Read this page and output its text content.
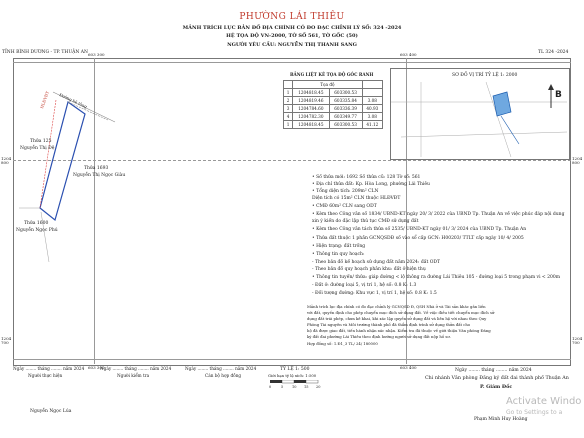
PHƯỜNG LÁI THIÊU
MẢNH TRÍCH LỤC BẢN ĐỒ ĐỊA CHÍNH CÓ ĐO ĐẠC CHỈNH LÝ SỐ: 324 -2024
HỆ TỌA ĐỘ VN-2000, TỜ SỐ 561, TỜ GỐC (50)
NGƯỜI YÊU CẦU: NGUYỄN THỊ THANH SANG
TỈNH BÌNH DƯƠNG - TP. THUẬN AN	TL 324 -2024
603 300	603 400
603 300	603 400
1204 800
1204 800
1204 700
1204 700
Đường bê tông
HLĐVĐT
Thửa 125
Nguyễn Thị Đệ
Thửa 1693
Nguyễn Thị Ngọc Giàu
Thửa 1600
Nguyễn Ngọc Phú
BẢNG LIỆT KÊ TỌA ĐỘ GÓC RANH
	Tọa độ		
1	1204818.45	603300.53	
2	1204819.46	603335.84	3.08
3	1204784.60	603336.39	40.93
4	1204782.30	603349.77	3.08
1	1204818.45	603300.53	41.12
SƠ ĐỒ VỊ TRÍ TỶ LỆ 1: 2000
B
• Số thửa mới: 1692 Số thửa cũ: 128 Tờ số: 561
• Địa chỉ thửa đất: Kp. Hòa Long, phường Lái Thiêu
• Tổng diện tích: 209m² CLN
Diện tích có 15m² CLN thuộc HLĐVĐT
• CMĐ 60m² CLN sang ODT
• Kèm theo Công văn số 1834/ UBND-KT ngày 20/ 3/ 2022 của UBND Tp. Thuận An về việc phúc đáp nội dung
xin ý kiến do đặc lập thủ tục CMĐ sử dụng đất
• Kèm theo Công văn tách thửa số 2535/ UBND-KT ngày 01/ 3/ 2024 của UBND Tp. Thuận An
• Thửa đất thuộc 1 phần GCNQSDĐ số vào sổ cấp GCN: H00203/ TTLT cấp ngày 10/ 4/ 2005
• Hiện trạng: đất trống
• Thông tin quy hoạch:
- Theo bản đồ kế hoạch sử dụng đất năm 2024: đất ODT
- Theo bản đồ quy hoạch phân khu: đất ở hiện thụ
• Thông tin tuyến/ thửa: giáp đường < lộ thông ra đường Lái Thiêu 105 - đường loại 5 trong phạm vi < 200m
- Đất ở: đường loại 5, vị trí 1, hệ số: 0.8 K: 1.3
- Đối tượng đường: Khu vực 1, vị trí 1, hệ số: 0.8 K: 1.5
Mảnh trích lục địa chính có đo đạc chỉnh lý GCNQSD Đ, QSH Nhà ở và Tài sản khác gắn liền
với đất, quyền định cho phép chuyển mục đích sử dụng đất. Về việc điều tiết chuyển mục đích sử
dụng đất trái phép, chưa kê khai, khi xác lập quyền sử dụng đất và liên hệ với nhau theo Quy
Phòng Tài nguyên và Môi trường thành phố đã thẩm định trình sử dụng thửa đất cho
hộ đã được giao đất, tiến hành nhận xác nhận. Kiểm tra đã thuộc về giới thiệu Văn phòng Đăng
ký đất đai phường Lái Thiêu theo định hướng người sử dụng đất nộp hồ sơ.
Hợp đồng số: 1.Đ1_3 TL/ 24/ 180000
TỶ LỆ 1: 500
Giới hạn tỷ lệ xích: 1:500
0	5	10 15 20
Ngày ........ tháng ........ năm 2024
Người thực hiện
Ngày ........ tháng ........ năm 2024
Người kiểm tra
Ngày ........ tháng ........ năm 2024
Cán bộ hợp đồng
Ngày ........ tháng ........ năm 2024
Chi nhánh Văn phòng Đăng ký đất đai thành phố Thuận An
P. Giám Đốc
Nguyễn Ngọc Lúa
Phạm Minh Huy Hoàng
Activate Windo
Go to Settings to a
